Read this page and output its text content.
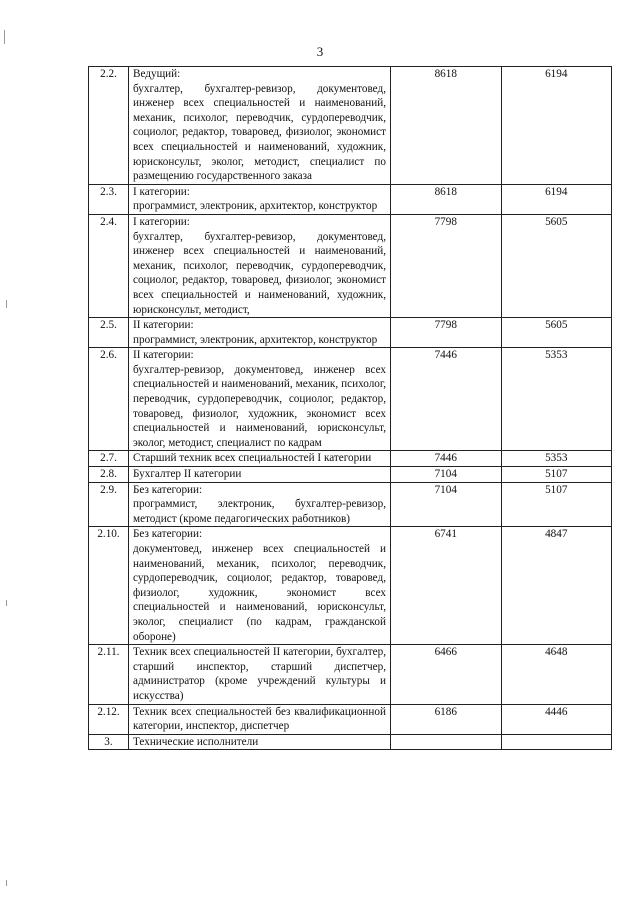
3
2.2.	Ведущий:
бухгалтер, бухгалтер-ревизор, документовед, инженер всех специальностей и наименований, механик, психолог, переводчик, сурдопереводчик, социолог, редактор, товаровед, физиолог, экономист всех специальностей и наименований, художник, юрисконсульт, эколог, методист, специалист по размещению государственного заказа	8618	6194
2.3.	I категории:
программист, электроник, архитектор, конструктор	8618	6194
2.4.	I категории:
бухгалтер, бухгалтер-ревизор, документовед, инженер всех специальностей и наименований, механик, психолог, переводчик, сурдопереводчик, социолог, редактор, товаровед, физиолог, экономист всех специальностей и наименований, художник, юрисконсульт, методист,	7798	5605
2.5.	II категории:
программист, электроник, архитектор, конструктор	7798	5605
2.6.	II категории:
бухгалтер-ревизор, документовед, инженер всех специальностей и наименований, механик, психолог, переводчик, сурдопереводчик, социолог, редактор, товаровед, физиолог, художник, экономист всех специальностей и наименований, юрисконсульт, эколог, методист, специалист по кадрам	7446	5353
2.7.	Старший техник всех специальностей I категории	7446	5353
2.8.	Бухгалтер II категории	7104	5107
2.9.	Без категории:
программист, электроник, бухгалтер-ревизор, методист (кроме педагогических работников)	7104	5107
2.10.	Без категории:
документовед, инженер всех специальностей и наименований, механик, психолог, переводчик, сурдопереводчик, социолог, редактор, товаровед, физиолог, художник, экономист всех специальностей и наименований, юрисконсульт, эколог, специалист (по кадрам, гражданской обороне)	6741	4847
2.11.	Техник всех специальностей II категории, бухгалтер, старший инспектор, старший диспетчер, администратор (кроме учреждений культуры и искусства)	6466	4648
2.12.	Техник всех специальностей без квалификационной категории, инспектор, диспетчер	6186	4446
3.	Технические исполнители		
